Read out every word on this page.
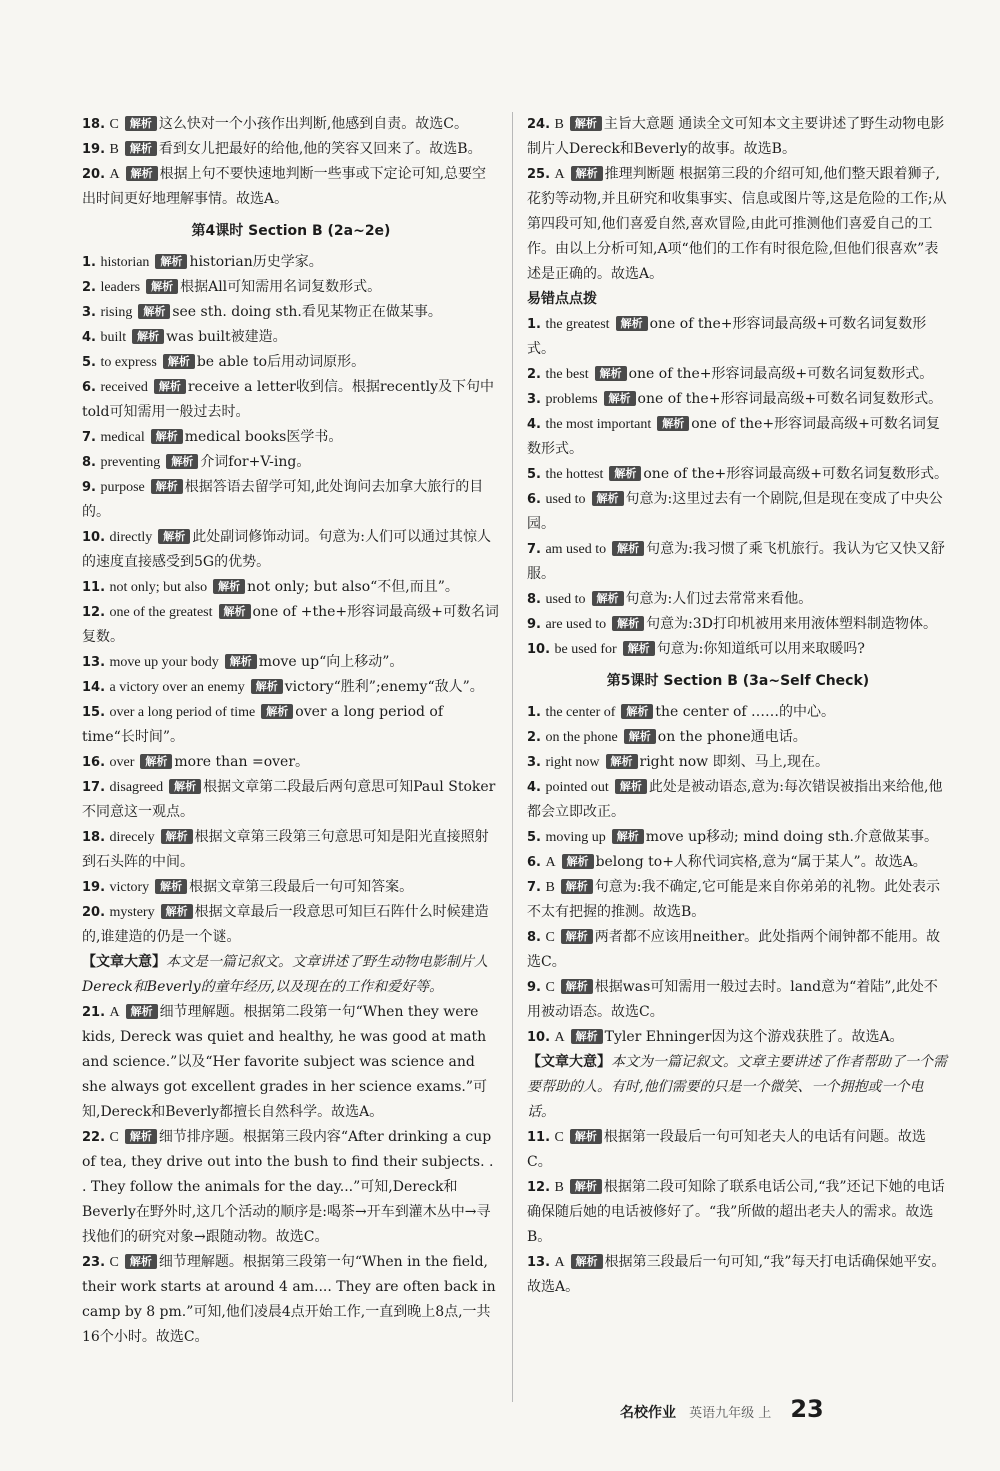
18. C 解析 这么快对一个小孩作出判断,他感到自责。故选C。

19. B 解析 看到女儿把最好的给他,他的笑容又回来了。故选B。

20. A 解析 根据上句不要快速地判断一些事或下定论可知,总要空出时间更好地理解事情。故选A。

第4课时 Section B (2a~2e)

1. historian 解析 historian历史学家。

2. leaders 解析 根据All可知需用名词复数形式。

3. rising 解析 see sth. doing sth.看见某物正在做某事。

4. built 解析 was built被建造。

5. to express 解析 be able to后用动词原形。

6. received 解析 receive a letter收到信。根据recently及下句中told可知需用一般过去时。

7. medical 解析 medical books医学书。

8. preventing 解析 介词for+V-ing。

9. purpose 解析 根据答语去留学可知,此处询问去加拿大旅行的目的。

10. directly 解析 此处副词修饰动词。句意为:人们可以通过其惊人的速度直接感受到5G的优势。

11. not only; but also 解析 not only; but also“不但,而且”。

12. one of the greatest 解析 one of +the+形容词最高级+可数名词复数。

13. move up your body 解析 move up“向上移动”。

14. a victory over an enemy 解析 victory“胜利”;enemy“敌人”。

15. over a long period of time 解析 over a long period of time“长时间”。

16. over 解析 more than =over。

17. disagreed 解析 根据文章第二段最后两句意思可知Paul Stoker不同意这一观点。

18. direcely 解析 根据文章第三段第三句意思可知是阳光直接照射到石头阵的中间。

19. victory 解析 根据文章第三段最后一句可知答案。

20. mystery 解析 根据文章最后一段意思可知巨石阵什么时候建造的,谁建造的仍是一个谜。

【文章大意】本文是一篇记叙文。文章讲述了野生动物电影制片人Dereck和Beverly的童年经历,以及现在的工作和爱好等。

21. A 解析 细节理解题。根据第二段第一句“When they were kids, Dereck was quiet and healthy, he was good at math and science.”以及“Her favorite subject was science and she always got excellent grades in her science exams.”可知,Dereck和Beverly都擅长自然科学。故选A。

22. C 解析 细节排序题。根据第三段内容“After drinking a cup of tea, they drive out into the bush to find their subjects. . . They follow the animals for the day...”可知,Dereck和Beverly在野外时,这几个活动的顺序是:喝茶→开车到灌木丛中→寻找他们的研究对象→跟随动物。故选C。

23. C 解析 细节理解题。根据第三段第一句“When in the field, their work starts at around 4 am.... They are often back in camp by 8 pm.”可知,他们凌晨4点开始工作,一直到晚上8点,一共16个小时。故选C。

24. B 解析 主旨大意题 通读全文可知本文主要讲述了野生动物电影制片人Dereck和Beverly的故事。故选B。

25. A 解析 推理判断题 根据第三段的介绍可知,他们整天跟着狮子,花豹等动物,并且研究和收集事实、信息或图片等,这是危险的工作;从第四段可知,他们喜爱自然,喜欢冒险,由此可推测他们喜爱自己的工作。由以上分析可知,A项“他们的工作有时很危险,但他们很喜欢”表述是正确的。故选A。

易错点点拨

1. the greatest 解析 one of the+形容词最高级+可数名词复数形式。

2. the best 解析 one of the+形容词最高级+可数名词复数形式。

3. problems 解析 one of the+形容词最高级+可数名词复数形式。

4. the most important 解析 one of the+形容词最高级+可数名词复数形式。

5. the hottest 解析 one of the+形容词最高级+可数名词复数形式。

6. used to 解析 句意为:这里过去有一个剧院,但是现在变成了中央公园。

7. am used to 解析 句意为:我习惯了乘飞机旅行。我认为它又快又舒服。

8. used to 解析 句意为:人们过去常常来看他。

9. are used to 解析 句意为:3D打印机被用来用液体塑料制造物体。

10. be used for 解析 句意为:你知道纸可以用来取暖吗?

第5课时 Section B (3a~Self Check)

1. the center of 解析 the center of ……的中心。

2. on the phone 解析 on the phone通电话。

3. right now 解析 right now 即刻、马上,现在。

4. pointed out 解析 此处是被动语态,意为:每次错误被指出来给他,他都会立即改正。

5. moving up 解析 move up移动; mind doing sth.介意做某事。

6. A 解析 belong to+人称代词宾格,意为“属于某人”。故选A。

7. B 解析 句意为:我不确定,它可能是来自你弟弟的礼物。此处表示不太有把握的推测。故选B。

8. C 解析 两者都不应该用neither。此处指两个闹钟都不能用。故选C。

9. C 解析 根据was可知需用一般过去时。land意为“着陆”,此处不用被动语态。故选C。

10. A 解析 Tyler Ehninger因为这个游戏获胜了。故选A。

【文章大意】本文为一篇记叙文。文章主要讲述了作者帮助了一个需要帮助的人。有时,他们需要的只是一个微笑、一个拥抱或一个电话。

11. C 解析 根据第一段最后一句可知老夫人的电话有问题。故选C。

12. B 解析 根据第二段可知除了联系电话公司,“我”还记下她的电话确保随后她的电话被修好了。“我”所做的超出老夫人的需求。故选B。

13. A 解析 根据第三段最后一句可知,“我”每天打电话确保她平安。故选A。

名校作业 英语九年级 上 23
